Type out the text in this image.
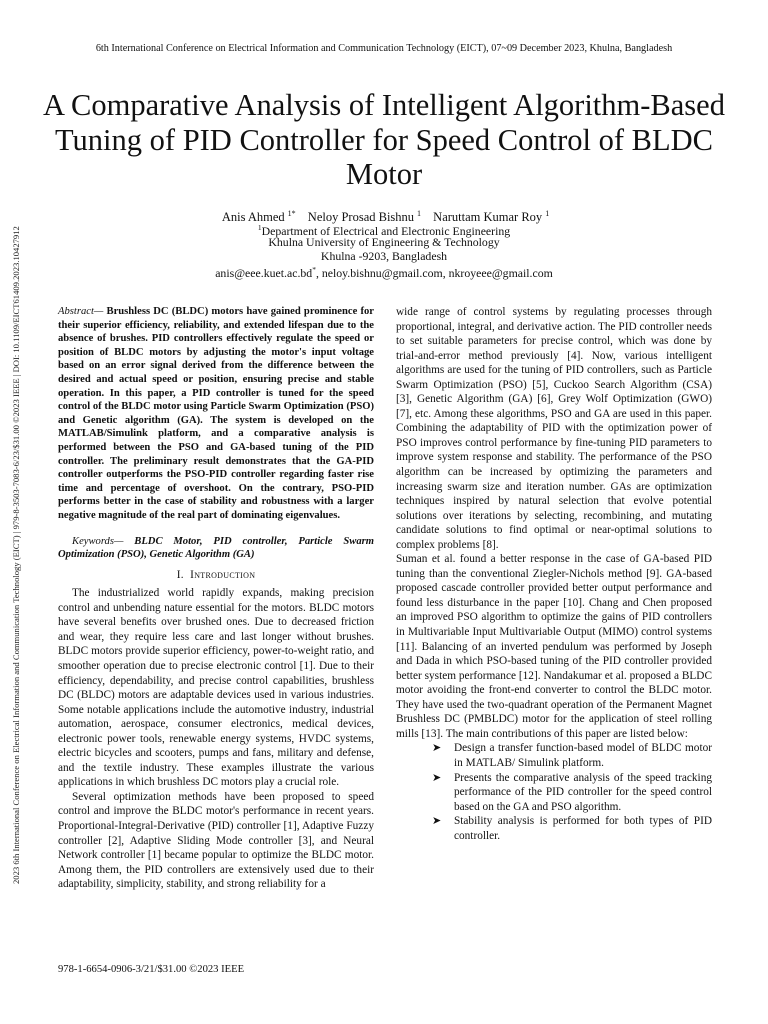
6th International Conference on Electrical Information and Communication Technology (EICT), 07~09 December 2023, Khulna, Bangladesh
2023 6th International Conference on Electrical Information and Communication Technology (EICT) | 979-8-3503-7083-6/23/$31.00 ©2023 IEEE | DOI: 10.1109/EICT61409.2023.10427912
A Comparative Analysis of Intelligent Algorithm-Based Tuning of PID Controller for Speed Control of BLDC Motor
Anis Ahmed $^{1*}$ Neloy Prosad Bishnu $^1$ Naruttam Kumar Roy $^1$
$^1$Department of Electrical and Electronic Engineering
Khulna University of Engineering & Technology
Khulna -9203, Bangladesh
anis@eee.kuet.ac.bd*, neloy.bishnu@gmail.com, nkroyeee@gmail.com

Abstract— Brushless DC (BLDC) motors have gained prominence for their superior efficiency, reliability, and extended lifespan due to the absence of brushes. PID controllers effectively regulate the speed or position of BLDC motors by adjusting the motor's input voltage based on an error signal derived from the difference between the desired and actual speed or position, ensuring precise and stable operation. In this paper, a PID controller is tuned for the speed control of the BLDC motor using Particle Swarm Optimization (PSO) and Genetic algorithm (GA). The system is developed on the MATLAB/Simulink platform, and a comparative analysis is performed between the PSO and GA-based tuning of the PID controller. The preliminary result demonstrates that the GA-PID controller outperforms the PSO-PID controller regarding faster rise time and percentage of overshoot. On the contrary, PSO-PID performs better in the case of stability and robustness with a larger negative magnitude of the real part of dominating eigenvalues.

Keywords— BLDC Motor, PID controller, Particle Swarm Optimization (PSO), Genetic Algorithm (GA)

I. Introduction

The industrialized world rapidly expands, making precision control and unbending nature essential for the motors. BLDC motors have several benefits over brushed ones. Due to decreased friction and wear, they require less care and last longer without brushes. BLDC motors provide superior efficiency, power-to-weight ratio, and smoother operation due to precise electronic control [1]. Due to their efficiency, dependability, and precise control capabilities, brushless DC (BLDC) motors are adaptable devices used in various industries. Some notable applications include the automotive industry, industrial automation, aerospace, consumer electronics, medical devices, electronic power tools, renewable energy systems, HVDC systems, electric bicycles and scooters, pumps and fans, military and defense, and the textile industry. These examples illustrate the various applications in which brushless DC motors play a crucial role.

Several optimization methods have been proposed to speed control and improve the BLDC motor's performance in recent years. Proportional-Integral-Derivative (PID) controller [1], Adaptive Fuzzy controller [2], Adaptive Sliding Mode controller [3], and Neural Network controller [1] became popular to optimize the BLDC motor. Among them, the PID controllers are extensively used due to their adaptability, simplicity, stability, and strong reliability for a

wide range of control systems by regulating processes through proportional, integral, and derivative action. The PID controller needs to set suitable parameters for precise control, which was done by trial-and-error method previously [4]. Now, various intelligent algorithms are used for the tuning of PID controllers, such as Particle Swarm Optimization (PSO) [5], Cuckoo Search Algorithm (CSA) [3], Genetic Algorithm (GA) [6], Grey Wolf Optimization (GWO) [7], etc. Among these algorithms, PSO and GA are used in this paper. Combining the adaptability of PID with the optimization power of PSO improves control performance by fine-tuning PID parameters to improve system response and stability. The performance of the PSO algorithm can be increased by optimizing the parameters and increasing swarm size and iteration number. GAs are optimization techniques inspired by natural selection that evolve potential solutions over iterations by selecting, recombining, and mutating candidate solutions to find optimal or near-optimal solutions to complex problems [8].

Suman et al. found a better response in the case of GA-based PID tuning than the conventional Ziegler-Nichols method [9]. GA-based proposed cascade controller provided better output performance and found less disturbance in the paper [10]. Chang and Chen proposed an improved PSO algorithm to optimize the gains of PID controllers in Multivariable Input Multivariable Output (MIMO) control systems [11]. Balancing of an inverted pendulum was performed by Joseph and Dada in which PSO-based tuning of the PID controller provided better system performance [12]. Nandakumar et al. proposed a BLDC motor avoiding the front-end converter to control the BLDC motor. They have used the two-quadrant operation of the Permanent Magnet Brushless DC (PMBLDC) motor for the application of steel rolling mills [13]. The main contributions of this paper are listed below:

➤ Design a transfer function-based model of BLDC motor in MATLAB/ Simulink platform.
➤ Presents the comparative analysis of the speed tracking performance of the PID controller for the speed control based on the GA and PSO algorithm.
➤ Stability analysis is performed for both types of PID controller.
978-1-6654-0906-3/21/$31.00 ©2023 IEEE
